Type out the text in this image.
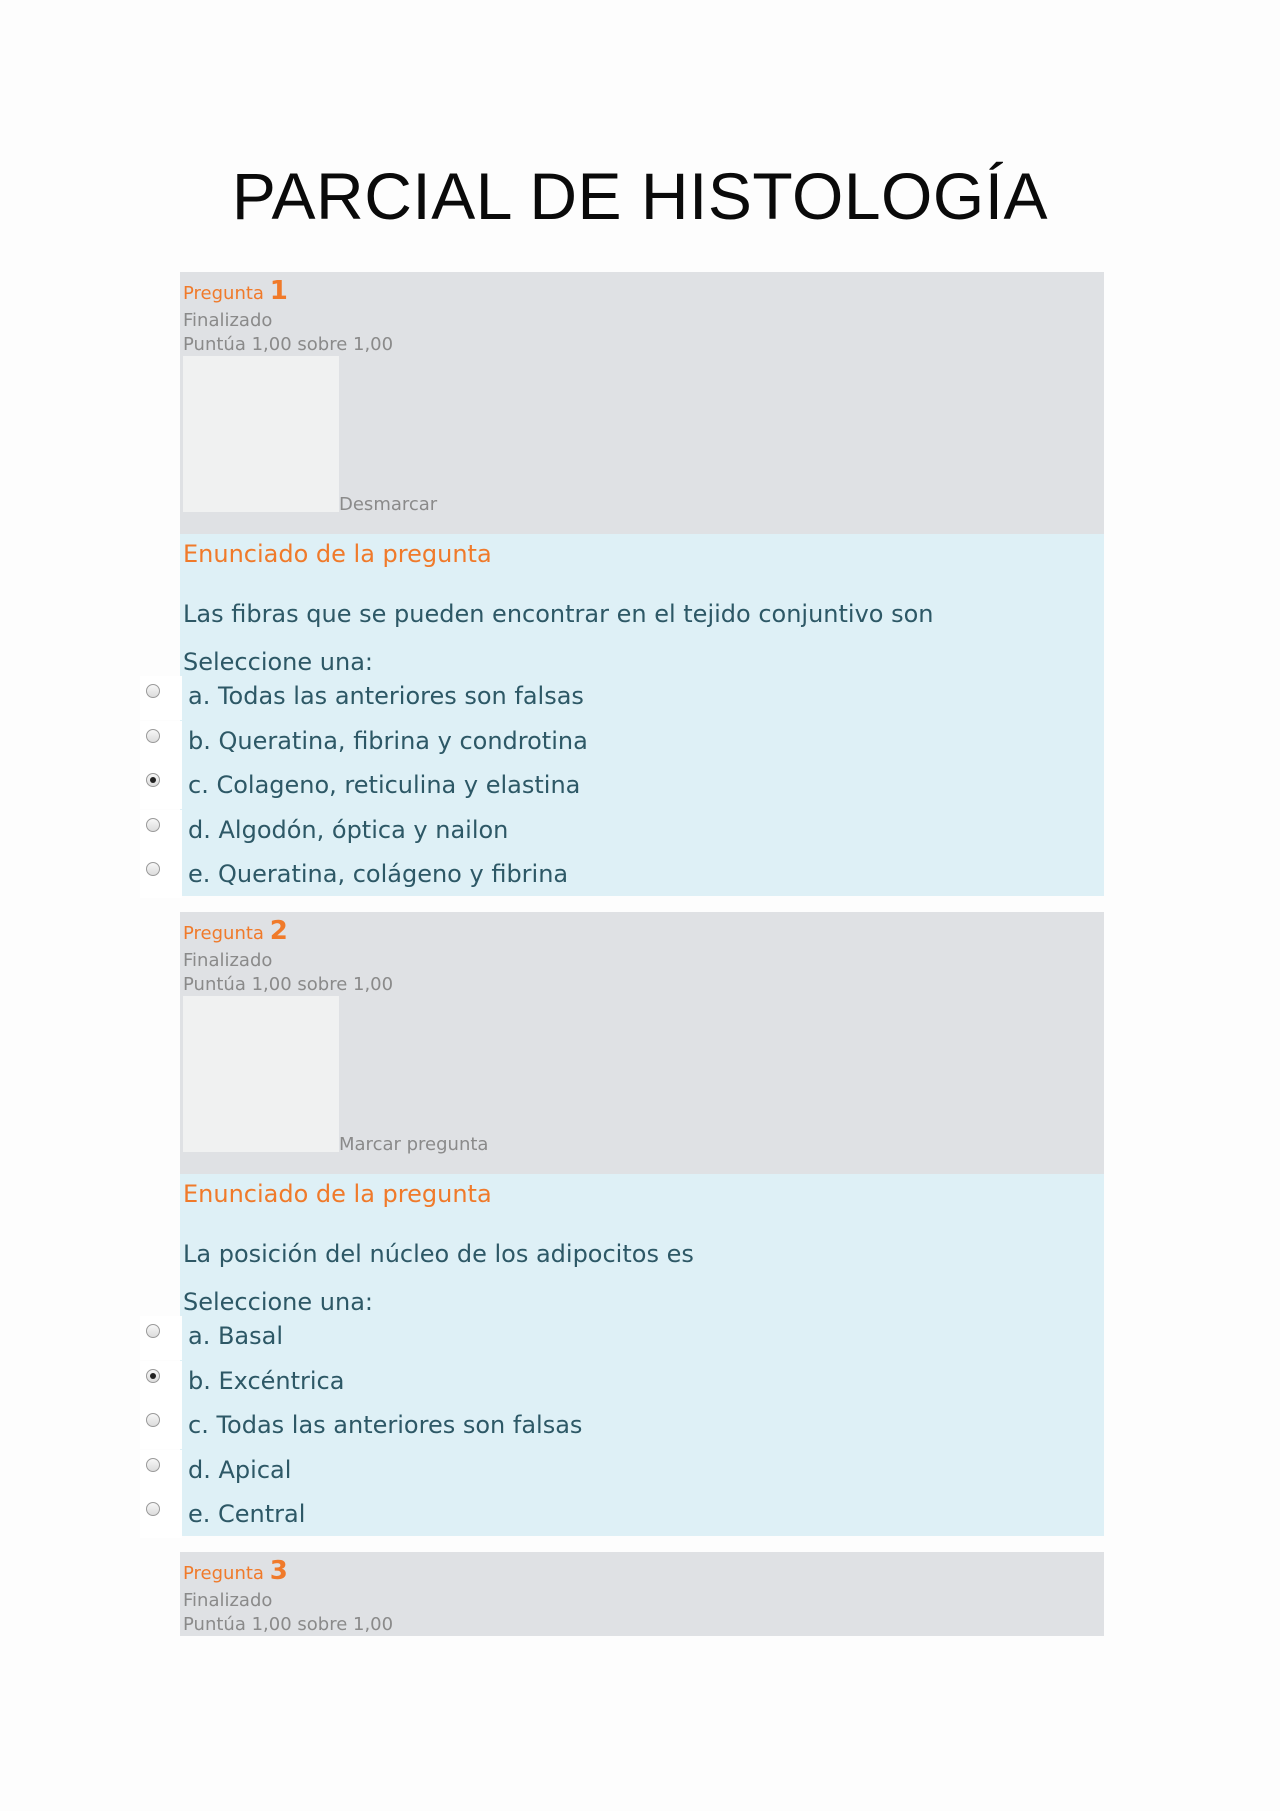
PARCIAL DE HISTOLOGÍA
Pregunta 1
Finalizado
Puntúa 1,00 sobre 1,00
Desmarcar
Enunciado de la pregunta
Las fibras que se pueden encontrar en el tejido conjuntivo son
Seleccione una:
a. Todas las anteriores son falsas
b. Queratina, fibrina y condrotina
c. Colageno, reticulina y elastina
d. Algodón, óptica y nailon
e. Queratina, colágeno y fibrina
Pregunta 2
Finalizado
Puntúa 1,00 sobre 1,00
Marcar pregunta
Enunciado de la pregunta
La posición del núcleo de los adipocitos es
Seleccione una:
a. Basal
b. Excéntrica
c. Todas las anteriores son falsas
d. Apical
e. Central
Pregunta 3
Finalizado
Puntúa 1,00 sobre 1,00
